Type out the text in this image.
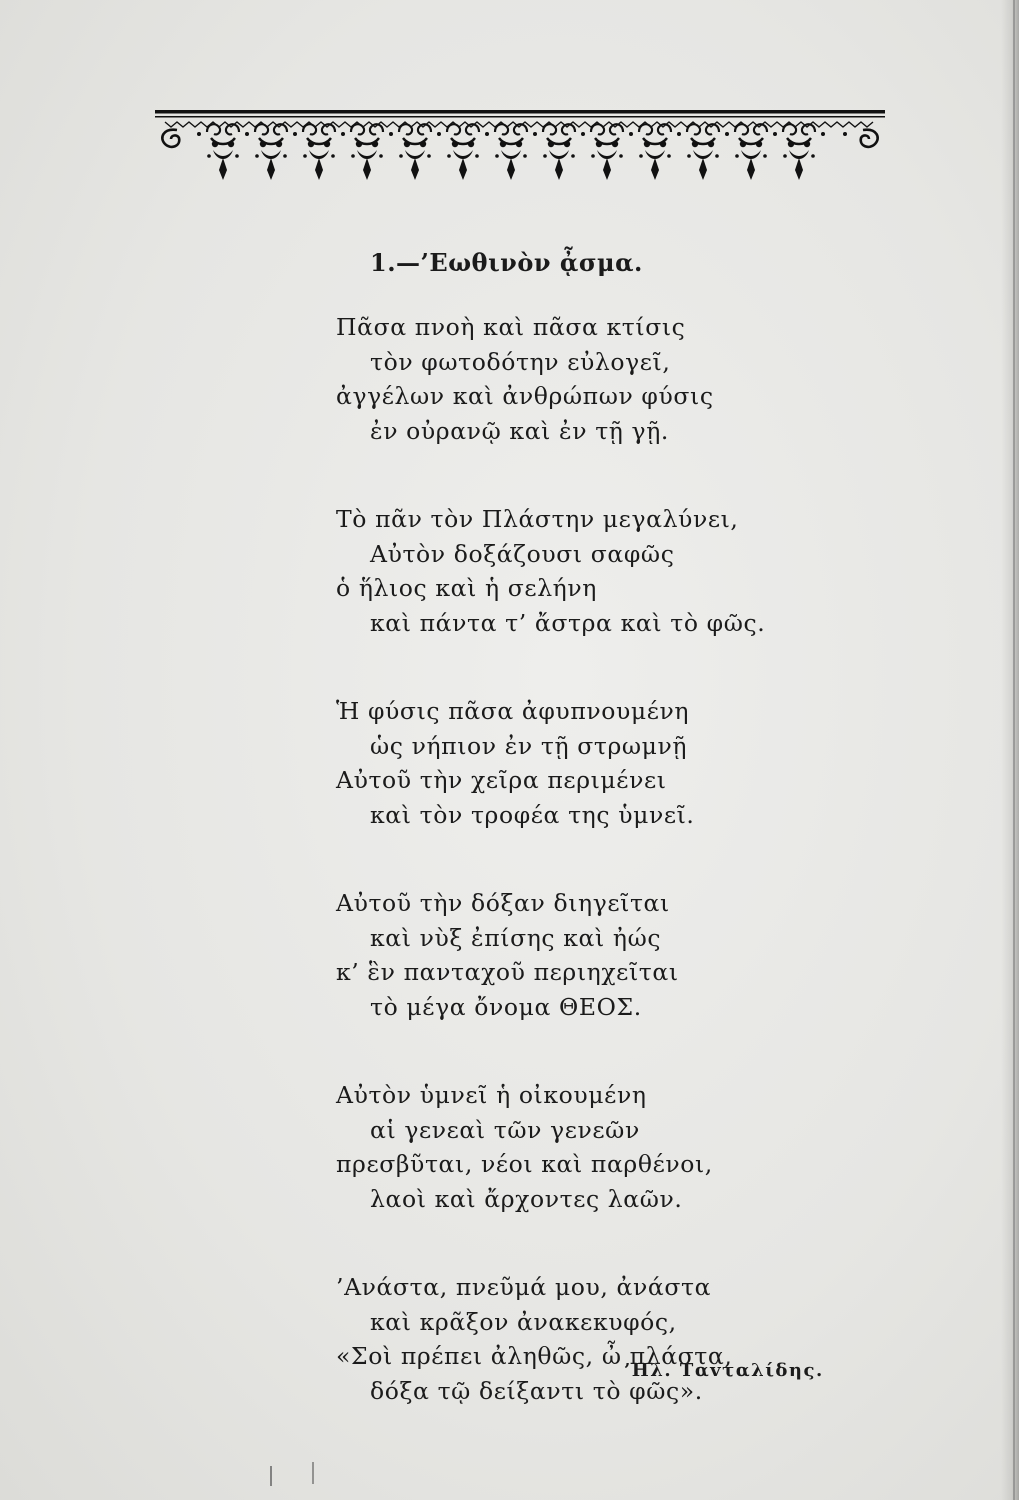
1.—’Εωθινὸν ᾆσμα.
Πᾶσα πνοὴ καὶ πᾶσα κτίσις
τὸν φωτοδότην εὐλογεῖ,
ἀγγέλων καὶ ἀνθρώπων φύσις
ἐν οὐρανῷ καὶ ἐν τῇ γῇ.
Τὸ πᾶν τὸν Πλάστην μεγαλύνει,
Αὐτὸν δοξάζουσι σαφῶς
ὁ ἥλιος καὶ ἡ σελήνη
καὶ πάντα τ’ ἄστρα καὶ τὸ φῶς.
Ἡ φύσις πᾶσα ἀφυπνουμένη
ὡς νήπιον ἐν τῇ στρωμνῇ
Αὐτοῦ τὴν χεῖρα περιμένει
καὶ τὸν τροφέα της ὑμνεῖ.
Αὐτοῦ τὴν δόξαν διηγεῖται
καὶ νὺξ ἐπίσης καὶ ἠώς
κ’ ἓν πανταχοῦ περιηχεῖται
τὸ μέγα ὄνομα ΘΕΟΣ.
Αὐτὸν ὑμνεῖ ἡ οἰκουμένη
αἱ γενεαὶ τῶν γενεῶν
πρεσβῦται, νέοι καὶ παρθένοι,
λαοὶ καὶ ἄρχοντες λαῶν.
’Ανάστα, πνεῦμά μου, ἀνάστα
καὶ κρᾶξον ἀνακεκυφός,
«Σοὶ πρέπει ἀληθῶς, ὦ πλάστα,
δόξα τῷ δείξαντι τὸ φῶς».
’Ηλ. Ταvταλίδης.
